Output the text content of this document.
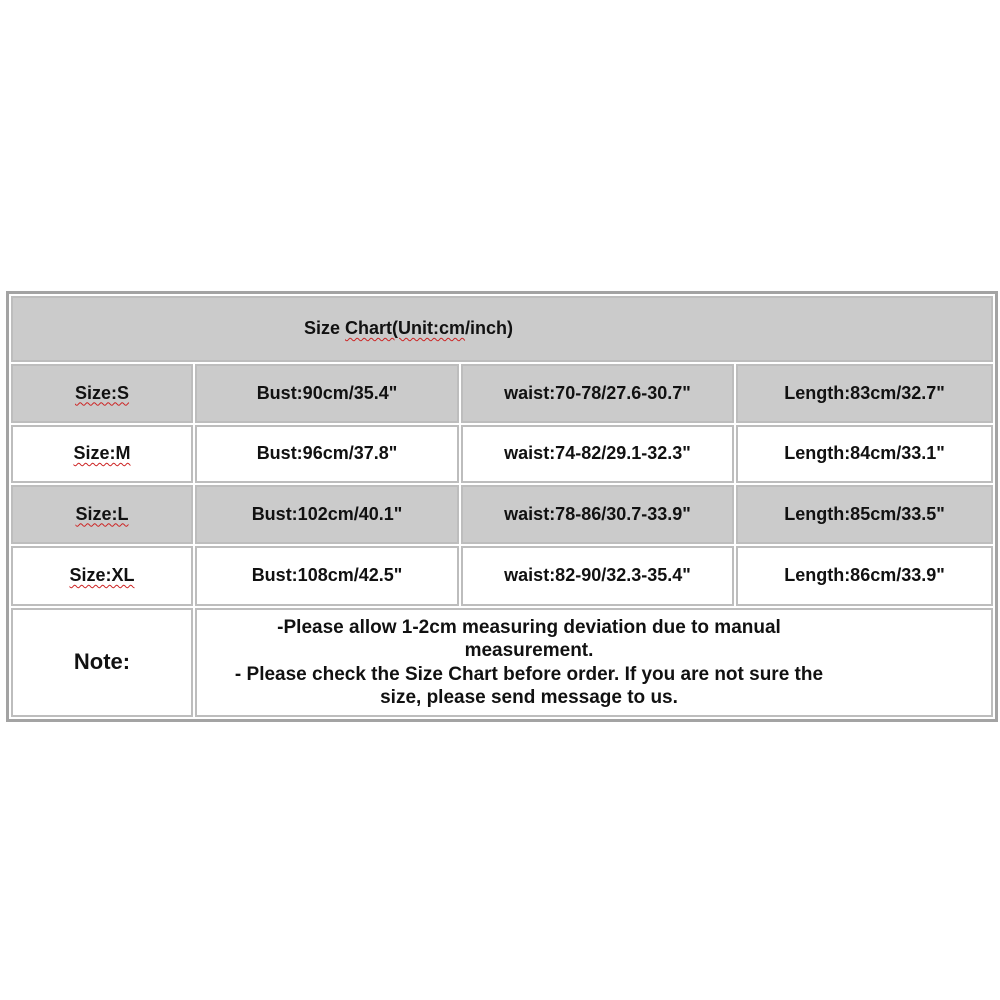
Size Chart(Unit:cm/inch)
Size:S	Bust:90cm/35.4"	waist:70-78/27.6-30.7"	Length:83cm/32.7"
Size:M	Bust:96cm/37.8"	waist:74-82/29.1-32.3"	Length:84cm/33.1"
Size:L	Bust:102cm/40.1"	waist:78-86/30.7-33.9"	Length:85cm/33.5"
Size:XL	Bust:108cm/42.5"	waist:82-90/32.3-35.4"	Length:86cm/33.9"
Note:
-Please allow 1-2cm measuring deviation due to manual
measurement.
- Please check the Size Chart before order. If you are not sure the
size, please send message to us.
